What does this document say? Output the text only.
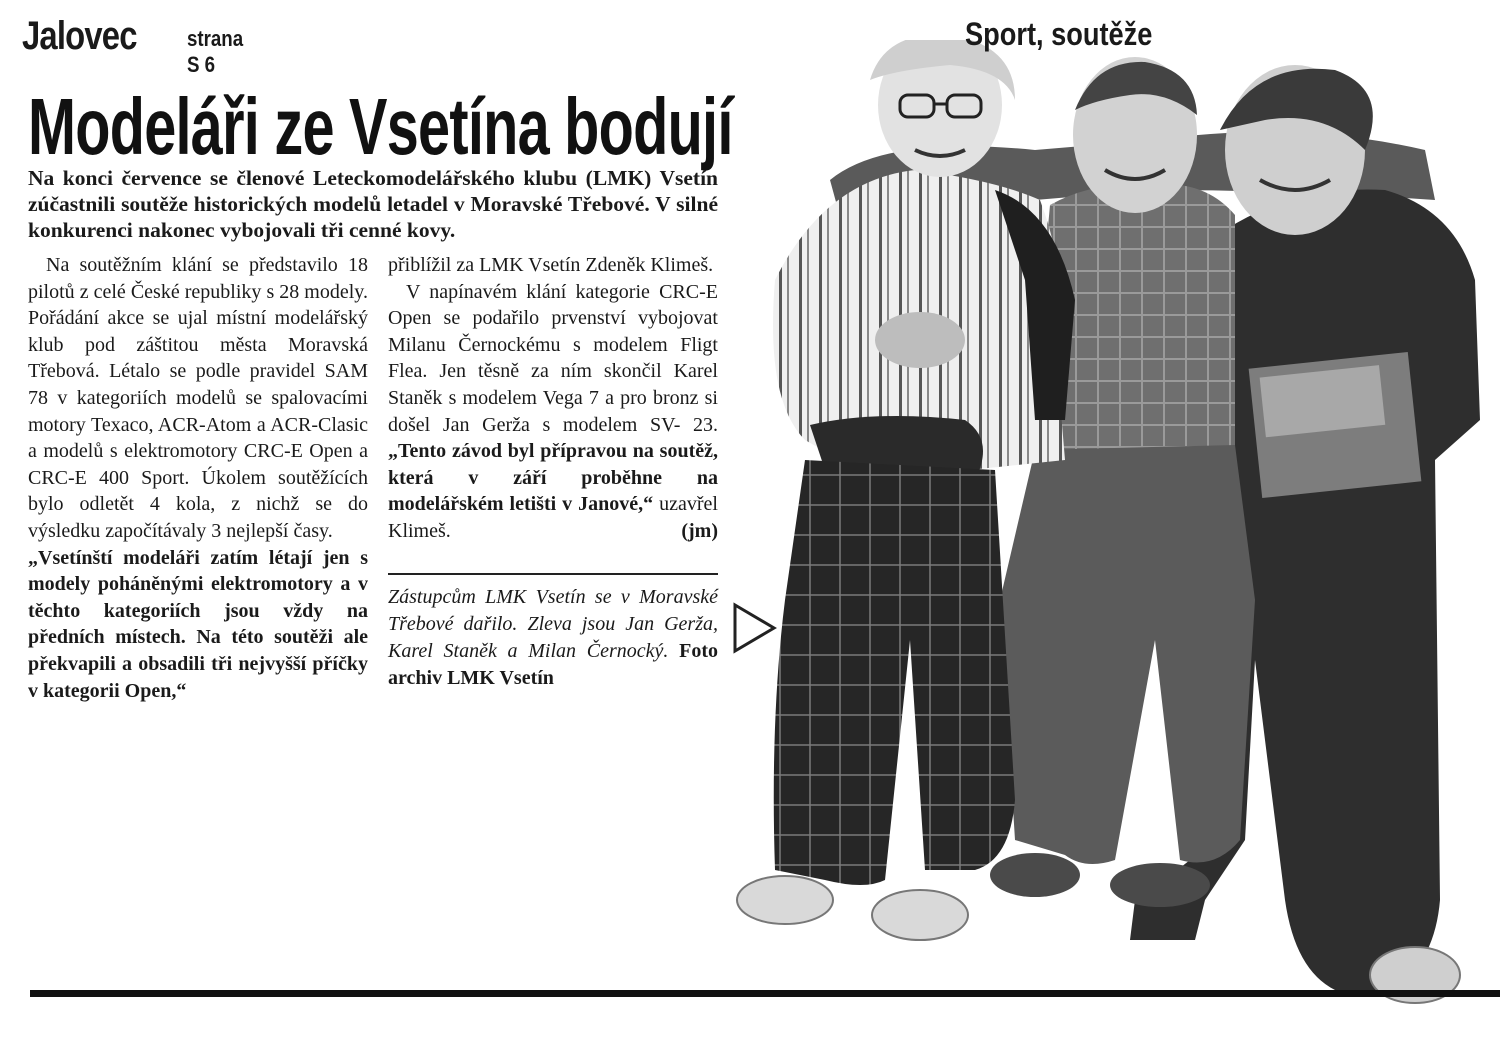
Jalovec strana S 6
Sport, soutěže
Modeláři ze Vsetína bodují
Na konci července se členové Leteckomodelářského klubu (LMK) Vsetín zúčastnili soutěže historických modelů letadel v Moravské Třebové. V silné konkurenci nakonec vybojovali tři cenné kovy.

Na soutěžním klání se představilo 18 pilotů z celé České republiky s 28 modely. Pořádání akce se ujal místní modelářský klub pod záštitou města Moravská Třebová. Létalo se podle pravidel SAM 78 v kategoriích modelů se spalovacími motory Texaco, ACR-Atom a ACR-Clasic a modelů s elektromotory CRC-E Open a CRC-E 400 Sport. Úkolem soutěžících bylo odletět 4 kola, z nichž se do výsledku započítávaly 3 nejlepší časy.

„Vsetínští modeláři zatím létají jen s modely poháněnými elektromotory a v těchto kategoriích jsou vždy na předních místech. Na této soutěži ale překvapili a obsadili tři nejvyšší příčky v kategorii Open,“

přiblížil za LMK Vsetín Zdeněk Klimeš.

V napínavém klání kategorie CRC-E Open se podařilo prvenství vybojovat Milanu Černockému s modelem Fligt Flea. Jen těsně za ním skončil Karel Staněk s modelem Vega 7 a pro bronz si došel Jan Gerža s modelem SV- 23. „Tento závod byl přípravou na soutěž, která v září proběhne na modelářském letišti v Janové,“ uzavřel Klimeš.	(jm)

Zástupcům LMK Vsetín se v Moravské Třebové dařilo. Zleva jsou Jan Gerža, Karel Staněk a Milan Černocký. Foto archiv LMK Vsetín
